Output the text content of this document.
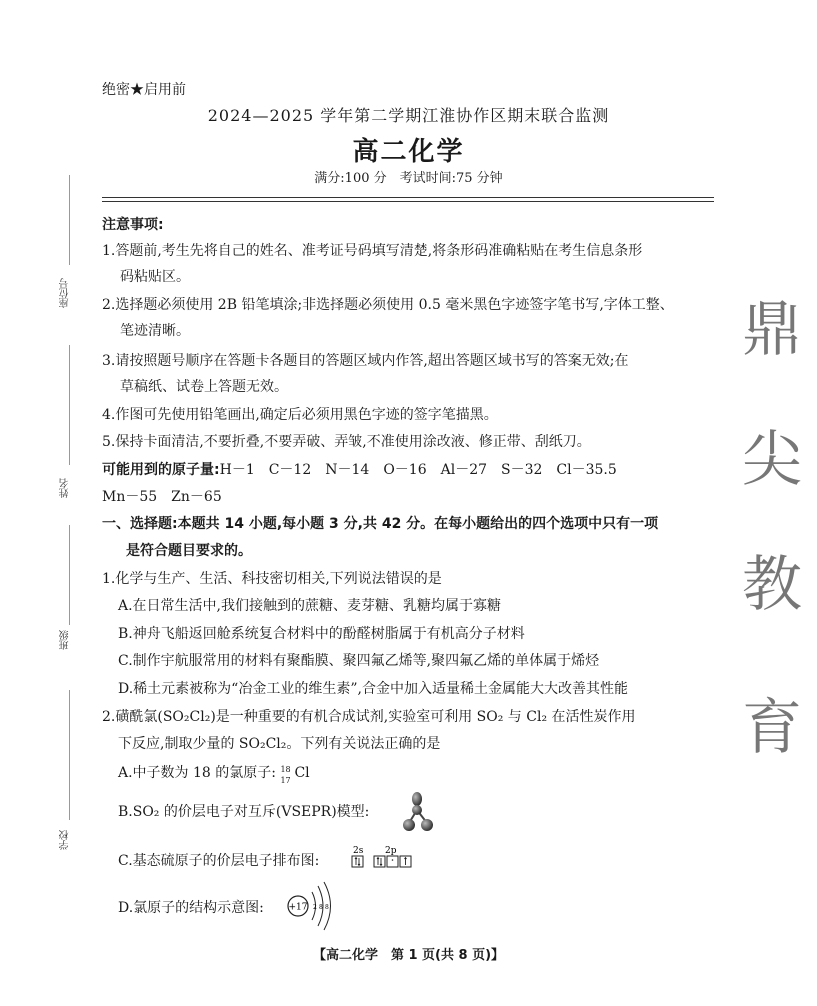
座位号
姓名
班级
学校
鼎
尖
教
育
绝密★启用前
2024—2025 学年第二学期江淮协作区期末联合监测
高二化学
满分:100 分　考试时间:75 分钟
注意事项:
1.答题前,考生先将自己的姓名、准考证号码填写清楚,将条形码准确粘贴在考生信息条形
码粘贴区。
2.选择题必须使用 2B 铅笔填涂;非选择题必须使用 0.5 毫米黑色字迹签字笔书写,字体工整、
笔迹清晰。
3.请按照题号顺序在答题卡各题目的答题区域内作答,超出答题区域书写的答案无效;在
草稿纸、试卷上答题无效。
4.作图可先使用铅笔画出,确定后必须用黑色字迹的签字笔描黑。
5.保持卡面清洁,不要折叠,不要弄破、弄皱,不准使用涂改液、修正带、刮纸刀。
可能用到的原子量:H－1　C－12　N－14　O－16　Al－27　S－32　Cl－35.5
Mn－55　Zn－65
一、选择题:本题共 14 小题,每小题 3 分,共 42 分。在每小题给出的四个选项中只有一项
是符合题目要求的。
1.化学与生产、生活、科技密切相关,下列说法错误的是
A.在日常生活中,我们接触到的蔗糖、麦芽糖、乳糖均属于寡糖
B.神舟飞船返回舱系统复合材料中的酚醛树脂属于有机高分子材料
C.制作宇航服常用的材料有聚酯膜、聚四氟乙烯等,聚四氟乙烯的单体属于烯烃
D.稀土元素被称为“冶金工业的维生素”,合金中加入适量稀土金属能大大改善其性能
2.磺酰氯(SO₂Cl₂)是一种重要的有机合成试剂,实验室可利用 SO₂ 与 Cl₂ 在活性炭作用
下反应,制取少量的 SO₂Cl₂。下列有关说法正确的是
A.中子数为 18 的氯原子: 18
17 Cl
B.SO₂ 的价层电子对互斥(VSEPR)模型:
C.基态硫原子的价层电子排布图:
2s 2p
D.氯原子的结构示意图:	+17 2 8 8
【高二化学　第 1 页(共 8 页)】
